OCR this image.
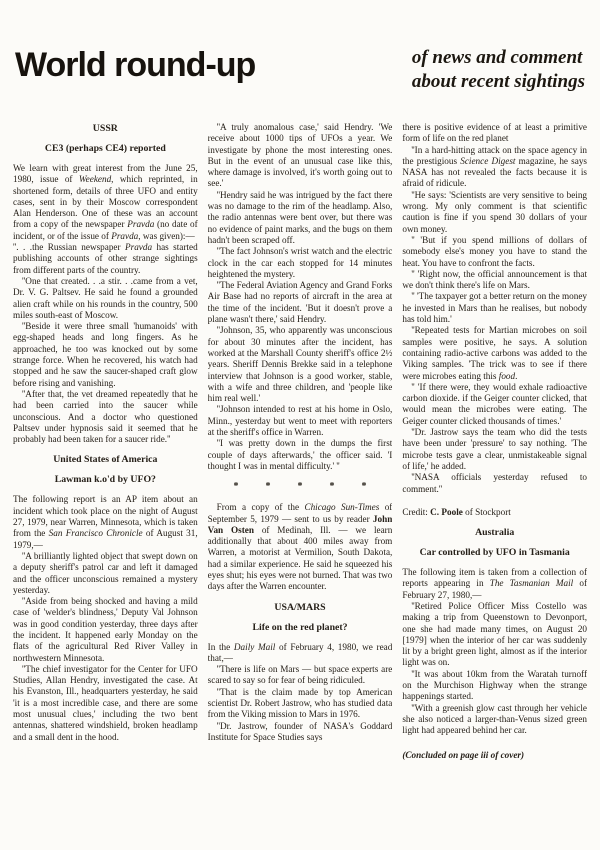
World round-up	of news and comment
about recent sightings
USSR
CE3 (perhaps CE4) reported

We learn with great interest from the June 25, 1980, issue of Weekend, which reprinted, in shortened form, details of three UFO and entity cases, sent in by their Moscow correspondent Alan Henderson. One of these was an account from a copy of the newspaper Pravda (no date of incident, or of the issue of Pravda, was given):—

''. . .the Russian newspaper Pravda has started publishing accounts of other strange sightings from different parts of the country.

''One that created. . .a stir. . .came from a vet, Dr. V. G. Paltsev. He said he found a grounded alien craft while on his rounds in the country, 500 miles south-east of Moscow.

''Beside it were three small 'humanoids' with egg-shaped heads and long fingers. As he approached, he too was knocked out by some strange force. When he recovered, his watch had stopped and he saw the saucer-shaped craft glow before rising and vanishing.

''After that, the vet dreamed repeatedly that he had been carried into the saucer while unconscious. And a doctor who questioned Paltsev under hypnosis said it seemed that he probably had been taken for a saucer ride.''

United States of America
Lawman k.o'd by UFO?

The following report is an AP item about an incident which took place on the night of August 27, 1979, near Warren, Minnesota, which is taken from the San Francisco Chronicle of August 31, 1979,—

''A brilliantly lighted object that swept down on a deputy sheriff's patrol car and left it damaged and the officer unconscious remained a mystery yesterday.

''Aside from being shocked and having a mild case of 'welder's blindness,' Deputy Val Johnson was in good condition yesterday, three days after the incident. It happened early Monday on the flats of the agricultural Red River Valley in northwestern Minnesota.

''The chief investigator for the Center for UFO Studies, Allan Hendry, investigated the case. At his Evanston, Ill., headquarters yesterday, he said 'it is a most incredible case, and there are some most unusual clues,' including the two bent antennas, shattered windshield, broken headlamp and a small dent in the hood.

''A truly anomalous case,' said Hendry. 'We receive about 1000 tips of UFOs a year. We investigate by phone the most interesting ones. But in the event of an unusual case like this, where damage is involved, it's worth going out to see.'

''Hendry said he was intrigued by the fact there was no damage to the rim of the headlamp. Also, the radio antennas were bent over, but there was no evidence of paint marks, and the bugs on them hadn't been scraped off.

''The fact Johnson's wrist watch and the electric clock in the car each stopped for 14 minutes heightened the mystery.

''The Federal Aviation Agency and Grand Forks Air Base had no reports of aircraft in the area at the time of the incident. 'But it doesn't prove a plane wasn't there,' said Hendry.

''Johnson, 35, who apparently was unconscious for about 30 minutes after the incident, has worked at the Marshall County sheriff's office 2½ years. Sheriff Dennis Brekke said in a telephone interview that Johnson is a good worker, stable, with a wife and three children, and 'people like him real well.'

''Johnson intended to rest at his home in Oslo, Minn., yesterday but went to meet with reporters at the sheriff's office in Warren.

''I was pretty down in the dumps the first couple of days afterwards,' the officer said. 'I thought I was in mental difficulty.' ''

*	*	*	*	*

From a copy of the Chicago Sun-Times of September 5, 1979 — sent to us by reader John Van Osten of Medinah, Ill. — we learn additionally that about 400 miles away from Warren, a motorist at Vermilion, South Dakota, had a similar experience. He said he squeezed his eyes shut; his eyes were not burned. That was two days after the Warren encounter.

USA/MARS
Life on the red planet?

In the Daily Mail of February 4, 1980, we read that,—

''There is life on Mars — but space experts are scared to say so for fear of being ridiculed.

''That is the claim made by top American scientist Dr. Robert Jastrow, who has studied data from the Viking mission to Mars in 1976.

''Dr. Jastrow, founder of NASA's Goddard Institute for Space Studies says

there is positive evidence of at least a primitive form of life on the red planet

''In a hard-hitting attack on the space agency in the prestigious Science Digest magazine, he says NASA has not revealed the facts because it is afraid of ridicule.

''He says: 'Scientists are very sensitive to being wrong. My only comment is that scientific caution is fine if you spend 30 dollars of your own money.

'' 'But if you spend millions of dollars of somebody else's money you have to stand the heat. You have to confront the facts.

'' 'Right now, the official announcement is that we don't think there's life on Mars.

'' 'The taxpayer got a better return on the money he invested in Mars than he realises, but nobody has told him.'

''Repeated tests for Martian microbes on soil samples were positive, he says. A solution containing radio-active carbons was added to the Viking samples. 'The trick was to see if there were microbes eating this food.

'' 'If there were, they would exhale radioactive carbon dioxide. if the Geiger counter clicked, that would mean the microbes were eating. The Geiger counter clicked thousands of times.'

''Dr. Jastrow says the team who did the tests have been under 'pressure' to say nothing. 'The microbe tests gave a clear, unmistakeable signal of life,' he added.

''NASA officials yesterday refused to comment.''

Credit: C. Poole of Stockport

Australia
Car controlled by UFO in Tasmania

The following item is taken from a collection of reports appearing in The Tasmanian Mail of February 27, 1980,—

''Retired Police Officer Miss Costello was making a trip from Queenstown to Devonport, one she had made many times, on August 20 [1979] when the interior of her car was suddenly lit by a bright green light, almost as if the interior light was on.

''It was about 10km from the Waratah turnoff on the Murchison Highway when the strange happenings started.

''With a greenish glow cast through her vehicle she also noticed a larger-than-Venus sized green light had appeared behind her car.

(Concluded on page iii of cover)
